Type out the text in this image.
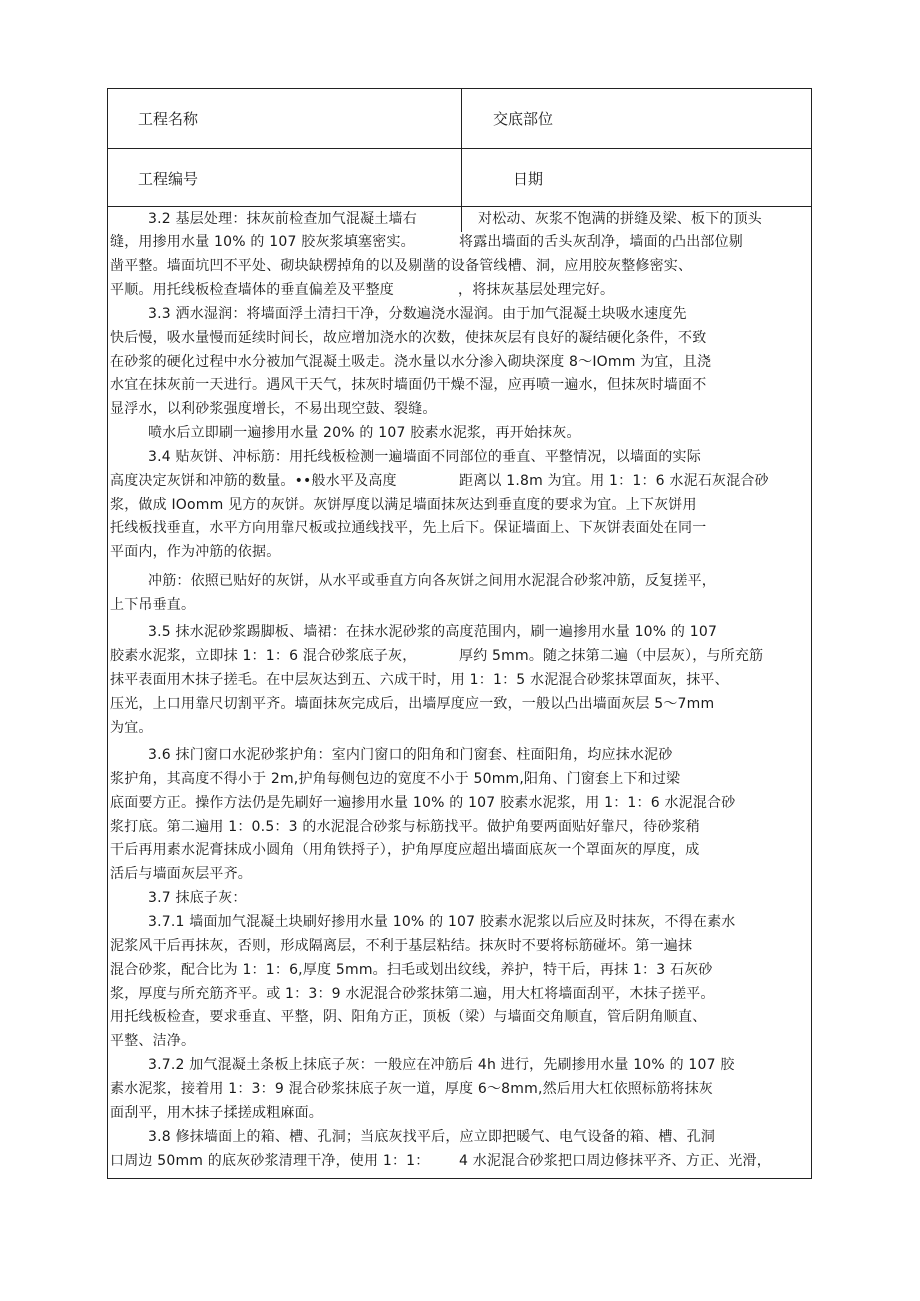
工程名称	交底部位
工程编号	日期
3.2 基层处理：抹灰前检查加气混凝土墙右	对松动、灰浆不饱满的拼缝及梁、板下的顶头
缝，用掺用水量 10% 的 107 胶灰浆填塞密实。	将露出墙面的舌头灰刮净，墙面的凸出部位剔
凿平整。墙面坑凹不平处、砌块缺楞掉角的以及剔凿的设备管线槽、洞，应用胶灰整修密实、
平顺。用托线板检查墙体的垂直偏差及平整度	，将抹灰基层处理完好。
3.3 洒水湿润：将墙面浮土清扫干净，分数遍浇水湿润。由于加气混凝土块吸水速度先
快后慢，吸水量慢而延续时间长，故应增加浇水的次数，使抹灰层有良好的凝结硬化条件，不致
在砂浆的硬化过程中水分被加气混凝土吸走。浇水量以水分渗入砌块深度 8～IOmm 为宜，且浇
水宜在抹灰前一天进行。遇风干天气，抹灰时墙面仍干燥不湿，应再喷一遍水，但抹灰时墙面不
显浮水，以利砂浆强度增长，不易出现空鼓、裂缝。
喷水后立即刷一遍掺用水量 20% 的 107 胶素水泥浆，再开始抹灰。
3.4 贴灰饼、冲标筋：用托线板检测一遍墙面不同部位的垂直、平整情况，以墙面的实际
高度决定灰饼和冲筋的数量。••般水平及高度	距离以 1.8m 为宜。用 1：1：6 水泥石灰混合砂
浆，做成 IOomm 见方的灰饼。灰饼厚度以满足墙面抹灰达到垂直度的要求为宜。上下灰饼用
托线板找垂直，水平方向用靠尺板或拉通线找平，先上后下。保证墙面上、下灰饼表面处在同一
平面内，作为冲筋的依据。
冲筋：依照已贴好的灰饼，从水平或垂直方向各灰饼之间用水泥混合砂浆冲筋，反复搓平，
上下吊垂直。
3.5 抹水泥砂浆踢脚板、墙裙：在抹水泥砂浆的高度范围内，刷一遍掺用水量 10% 的 107
胶素水泥浆，立即抹 1：1：6 混合砂浆底子灰，	厚约 5mm。随之抹第二遍（中层灰），与所充筋
抹平表面用木抹子搓毛。在中层灰达到五、六成干时，用 1：1：5 水泥混合砂浆抹罩面灰，抹平、
压光，上口用靠尺切割平齐。墙面抹灰完成后，出墙厚度应一致，一般以凸出墙面灰层 5～7mm
为宜。
3.6 抹门窗口水泥砂浆护角：室内门窗口的阳角和门窗套、柱面阳角，均应抹水泥砂
浆护角，其高度不得小于 2m,护角每侧包边的宽度不小于 50mm,阳角、门窗套上下和过梁
底面要方正。操作方法仍是先刷好一遍掺用水量 10% 的 107 胶素水泥浆，用 1：1：6 水泥混合砂
浆打底。第二遍用 1：0.5：3 的水泥混合砂浆与标筋找平。做护角要两面贴好靠尺，待砂浆稍
干后再用素水泥膏抹成小圆角（用角铁捋子），护角厚度应超出墙面底灰一个罩面灰的厚度，成
活后与墙面灰层平齐。
3.7 抹底子灰：
3.7.1 墙面加气混凝土块刷好掺用水量 10% 的 107 胶素水泥浆以后应及时抹灰，不得在素水
泥浆风干后再抹灰，否则，形成隔离层，不利于基层粘结。抹灰时不要将标筋碰坏。第一遍抹
混合砂浆，配合比为 1：1：6,厚度 5mm。扫毛或划出纹线，养护，特干后，再抹 1：3 石灰砂
浆，厚度与所充筋齐平。或 1：3：9 水泥混合砂浆抹第二遍，用大杠将墙面刮平，木抹子搓平。
用托线板检查，要求垂直、平整，阴、阳角方正，顶板（梁）与墙面交角顺直，管后阴角顺直、
平整、洁净。
3.7.2 加气混凝土条板上抹底子灰：一般应在冲筋后 4h 进行，先刷掺用水量 10% 的 107 胶
素水泥浆，接着用 1：3：9 混合砂浆抹底子灰一道，厚度 6～8mm,然后用大杠依照标筋将抹灰
面刮平，用木抹子揉搓成粗麻面。
3.8 修抹墙面上的箱、槽、孔洞；当底灰找平后，应立即把暖气、电气设备的箱、槽、孔洞
口周边 50mm 的底灰砂浆清理干净，使用 1：1： 4 水泥混合砂浆把口周边修抹平齐、方正、光滑，
